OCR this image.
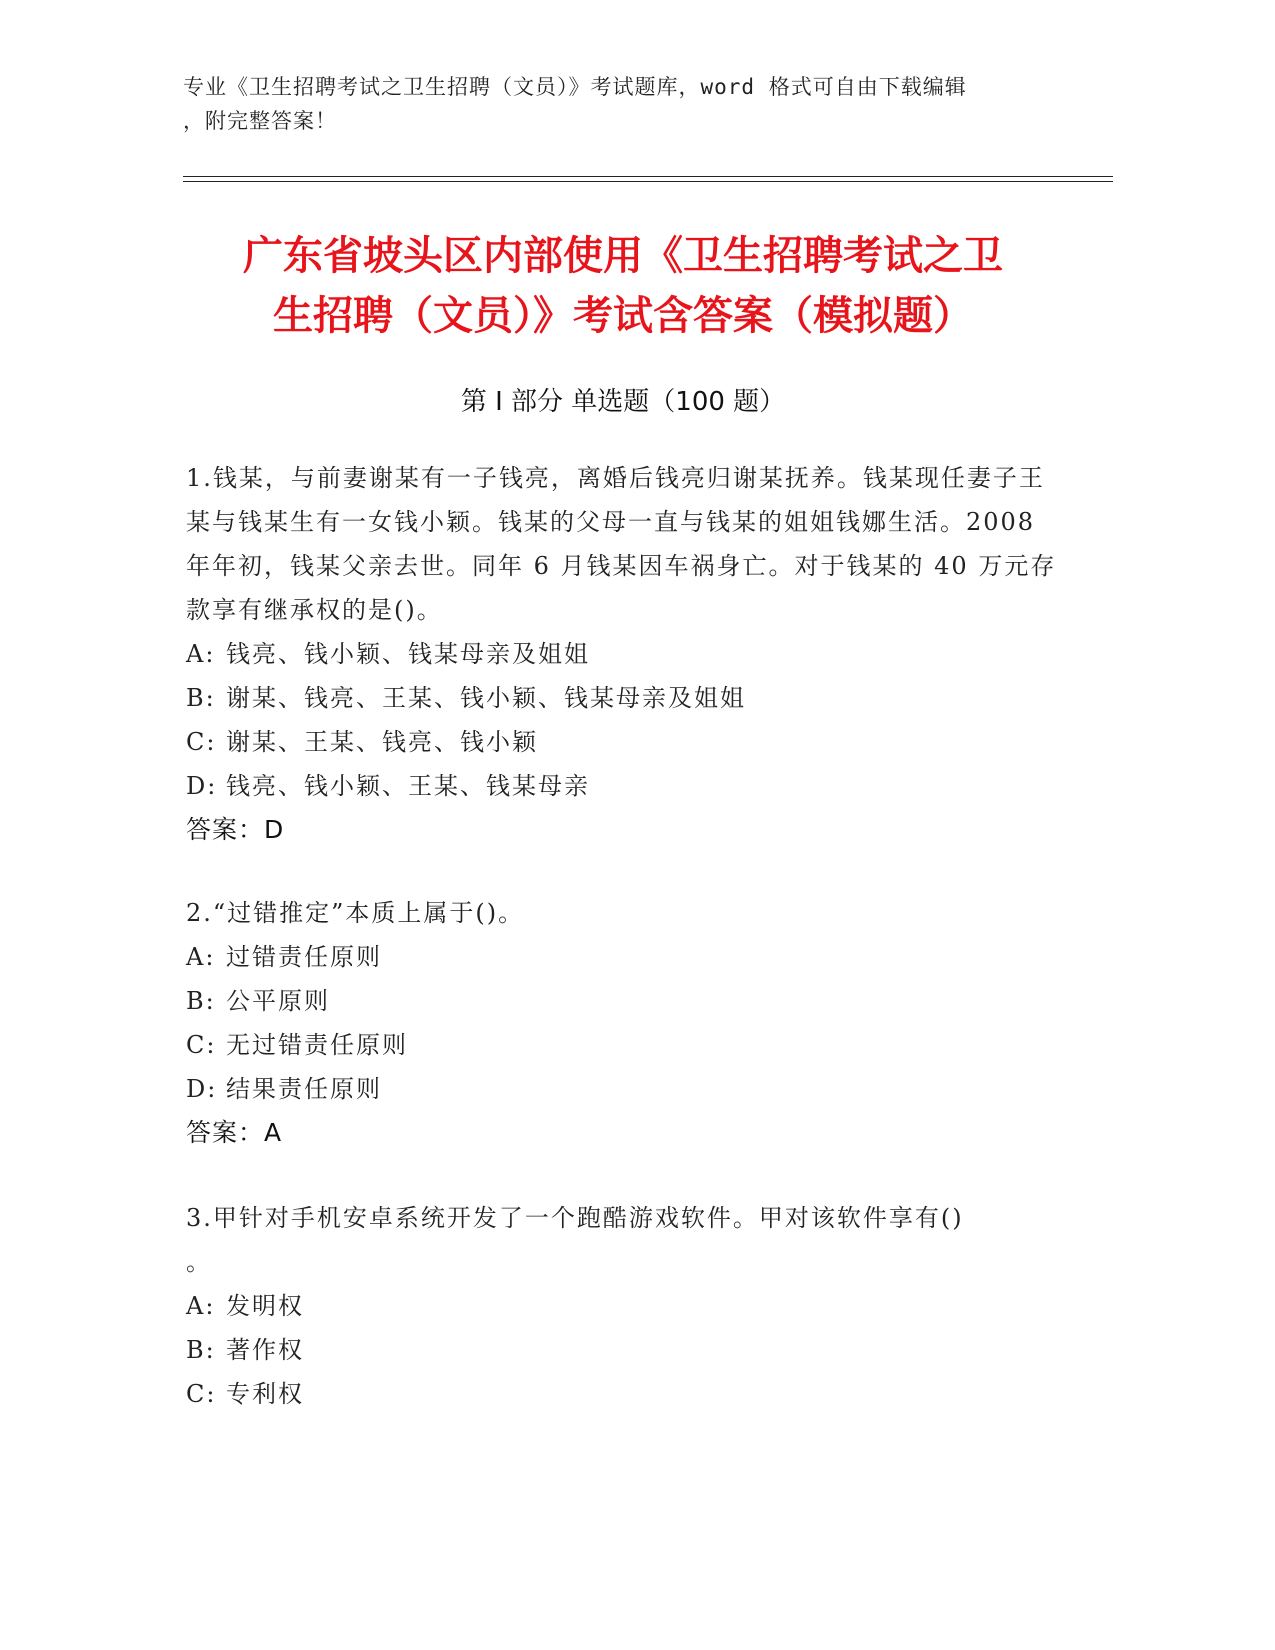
专业《卫生招聘考试之卫生招聘（文员）》考试题库，word 格式可自由下载编辑
，附完整答案！
广东省坡头区内部使用《卫生招聘考试之卫
生招聘（文员）》考试含答案（模拟题）
第 I 部分 单选题（100 题）
1.钱某，与前妻谢某有一子钱亮，离婚后钱亮归谢某抚养。钱某现任妻子王某与钱某生有一女钱小颖。钱某的父母一直与钱某的姐姐钱娜生活。2008 年年初，钱某父亲去世。同年 6 月钱某因车祸身亡。对于钱某的 40 万元存款享有继承权的是()。
A: 钱亮、钱小颖、钱某母亲及姐姐
B: 谢某、钱亮、王某、钱小颖、钱某母亲及姐姐
C: 谢某、王某、钱亮、钱小颖
D: 钱亮、钱小颖、王某、钱某母亲
答案：D
2.“过错推定”本质上属于()。
A: 过错责任原则
B: 公平原则
C: 无过错责任原则
D: 结果责任原则
答案：A
3.甲针对手机安卓系统开发了一个跑酷游戏软件。甲对该软件享有()
。
A: 发明权
B: 著作权
C: 专利权
